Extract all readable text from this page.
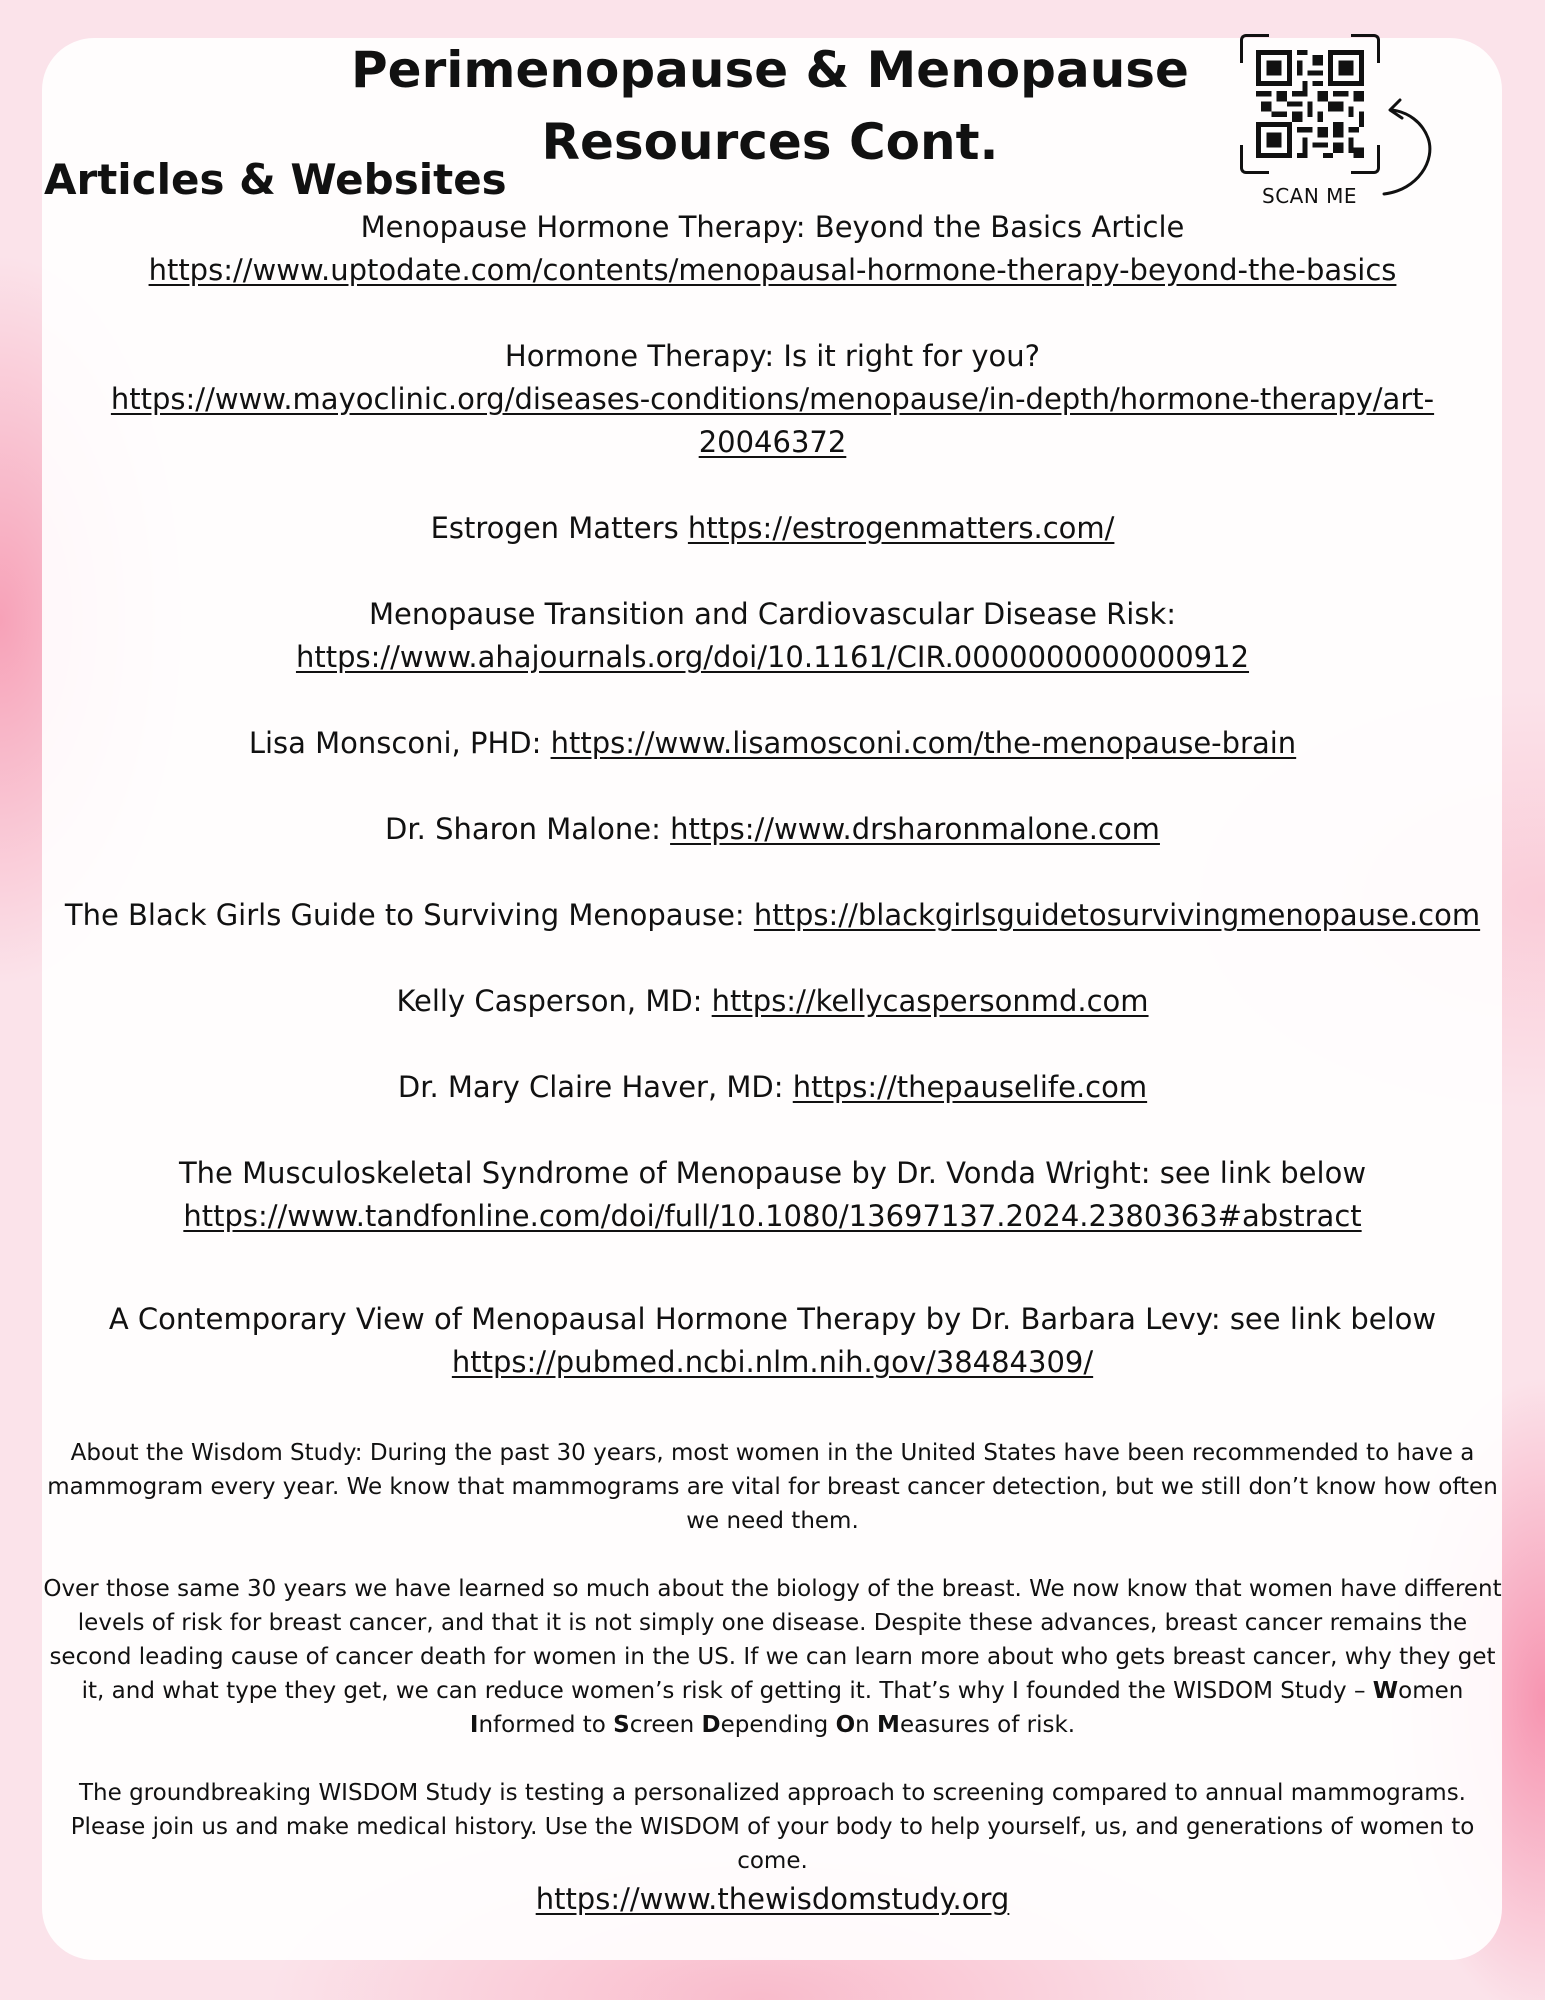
Perimenopause & Menopause Resources Cont.
SCAN ME
Articles & Websites
Menopause Hormone Therapy: Beyond the Basics Article
https://www.uptodate.com/contents/menopausal-hormone-therapy-beyond-the-basics
Hormone Therapy: Is it right for you?
https://www.mayoclinic.org/diseases-conditions/menopause/in-depth/hormone-therapy/art-20046372
Estrogen Matters https://estrogenmatters.com/
Menopause Transition and Cardiovascular Disease Risk:
https://www.ahajournals.org/doi/10.1161/CIR.0000000000000912
Lisa Monsconi, PHD: https://www.lisamosconi.com/the-menopause-brain
Dr. Sharon Malone: https://www.drsharonmalone.com
The Black Girls Guide to Surviving Menopause: https://blackgirlsguidetosurvivingmenopause.com
Kelly Casperson, MD: https://kellycaspersonmd.com
Dr. Mary Claire Haver, MD: https://thepauselife.com
The Musculoskeletal Syndrome of Menopause by Dr. Vonda Wright: see link below
https://www.tandfonline.com/doi/full/10.1080/13697137.2024.2380363#abstract
A Contemporary View of Menopausal Hormone Therapy by Dr. Barbara Levy: see link below
https://pubmed.ncbi.nlm.nih.gov/38484309/

About the Wisdom Study: During the past 30 years, most women in the United States have been recommended to have a mammogram every year. We know that mammograms are vital for breast cancer detection, but we still don’t know how often we need them.

Over those same 30 years we have learned so much about the biology of the breast. We now know that women have different levels of risk for breast cancer, and that it is not simply one disease. Despite these advances, breast cancer remains the second leading cause of cancer death for women in the US. If we can learn more about who gets breast cancer, why they get it, and what type they get, we can reduce women’s risk of getting it. That’s why I founded the WISDOM Study – Women Informed to Screen Depending On Measures of risk.

The groundbreaking WISDOM Study is testing a personalized approach to screening compared to annual mammograms. Please join us and make medical history. Use the WISDOM of your body to help yourself, us, and generations of women to come.

https://www.thewisdomstudy.org
